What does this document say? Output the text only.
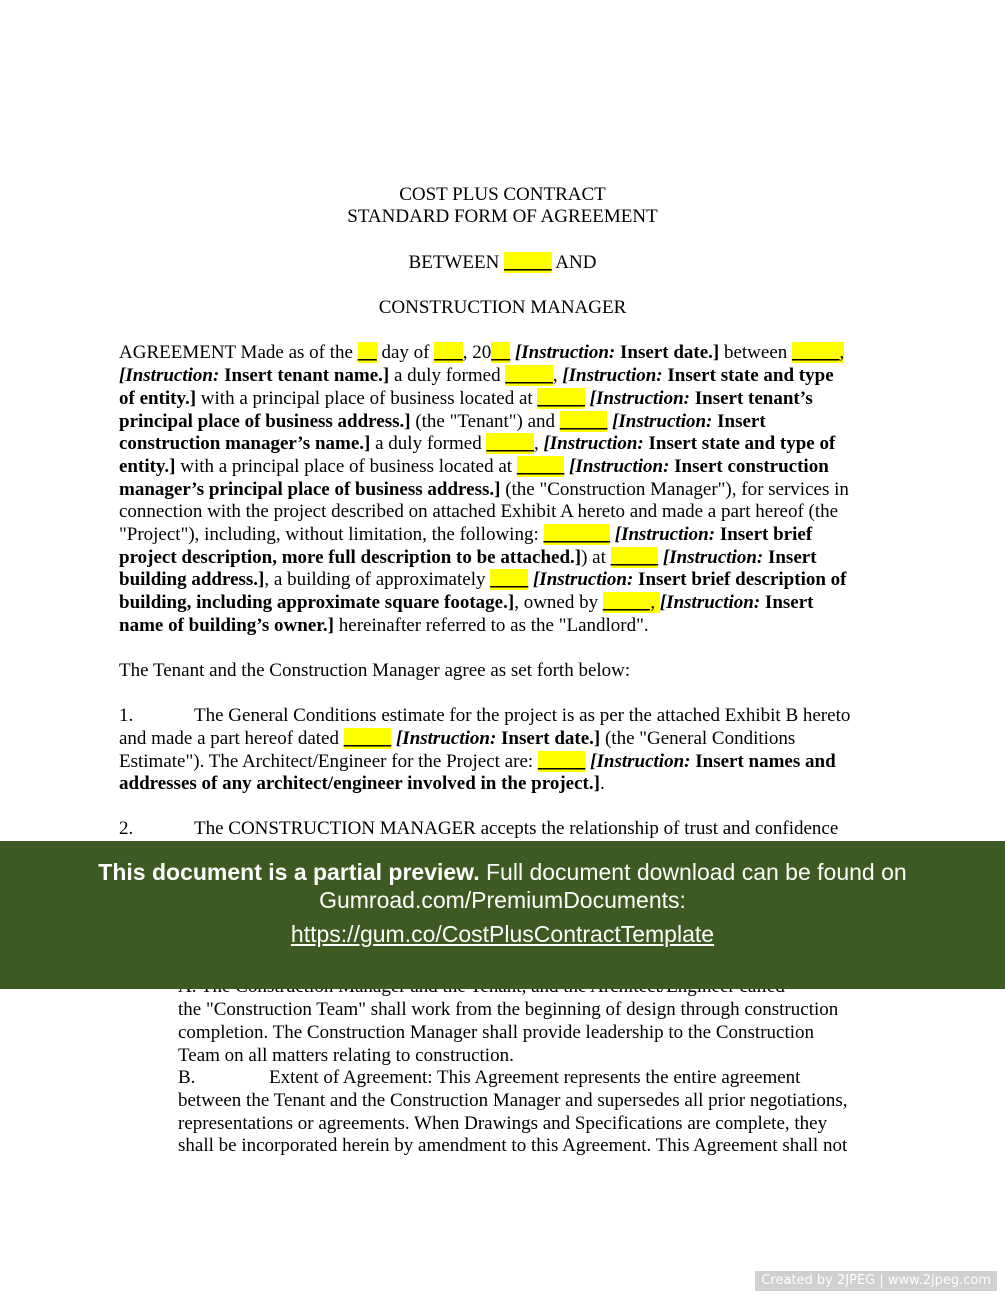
COST PLUS CONTRACT
STANDARD FORM OF AGREEMENT
BETWEEN _____ AND
CONSTRUCTION MANAGER
AGREEMENT Made as of the __ day of ___, 20__ [Instruction: Insert date.] between _____,
[Instruction: Insert tenant name.] a duly formed _____, [Instruction: Insert state and type
of entity.] with a principal place of business located at _____ [Instruction: Insert tenant’s
principal place of business address.] (the "Tenant") and _____ [Instruction: Insert
construction manager’s name.] a duly formed _____, [Instruction: Insert state and type of
entity.] with a principal place of business located at _____ [Instruction: Insert construction
manager’s principal place of business address.] (the "Construction Manager"), for services in
connection with the project described on attached Exhibit A hereto and made a part hereof (the
"Project"), including, without limitation, the following: _______ [Instruction: Insert brief
project description, more full description to be attached.]) at _____ [Instruction: Insert
building address.], a building of approximately ____ [Instruction: Insert brief description of
building, including approximate square footage.], owned by _____, [Instruction: Insert
name of building’s owner.] hereinafter referred to as the "Landlord".
The Tenant and the Construction Manager agree as set forth below:
1.	The General Conditions estimate for the project is as per the attached Exhibit B hereto
and made a part hereof dated _____ [Instruction: Insert date.] (the "General Conditions
Estimate"). The Architect/Engineer for the Project are: _____ [Instruction: Insert names and
addresses of any architect/engineer involved in the project.].
2.	The CONSTRUCTION MANAGER accepts the relationship of trust and confidence
the "Construction Team" shall work from the beginning of design through construction
completion. The Construction Manager shall provide leadership to the Construction
Team on all matters relating to construction.
B.	Extent of Agreement: This Agreement represents the entire agreement
between the Tenant and the Construction Manager and supersedes all prior negotiations,
representations or agreements. When Drawings and Specifications are complete, they
shall be incorporated herein by amendment to this Agreement. This Agreement shall not
This document is a partial preview. Full document download can be found on
Gumroad.com/PremiumDocuments:
https://gum.co/CostPlusContractTemplate
Created by 2JPEG | www.2jpeg.com
